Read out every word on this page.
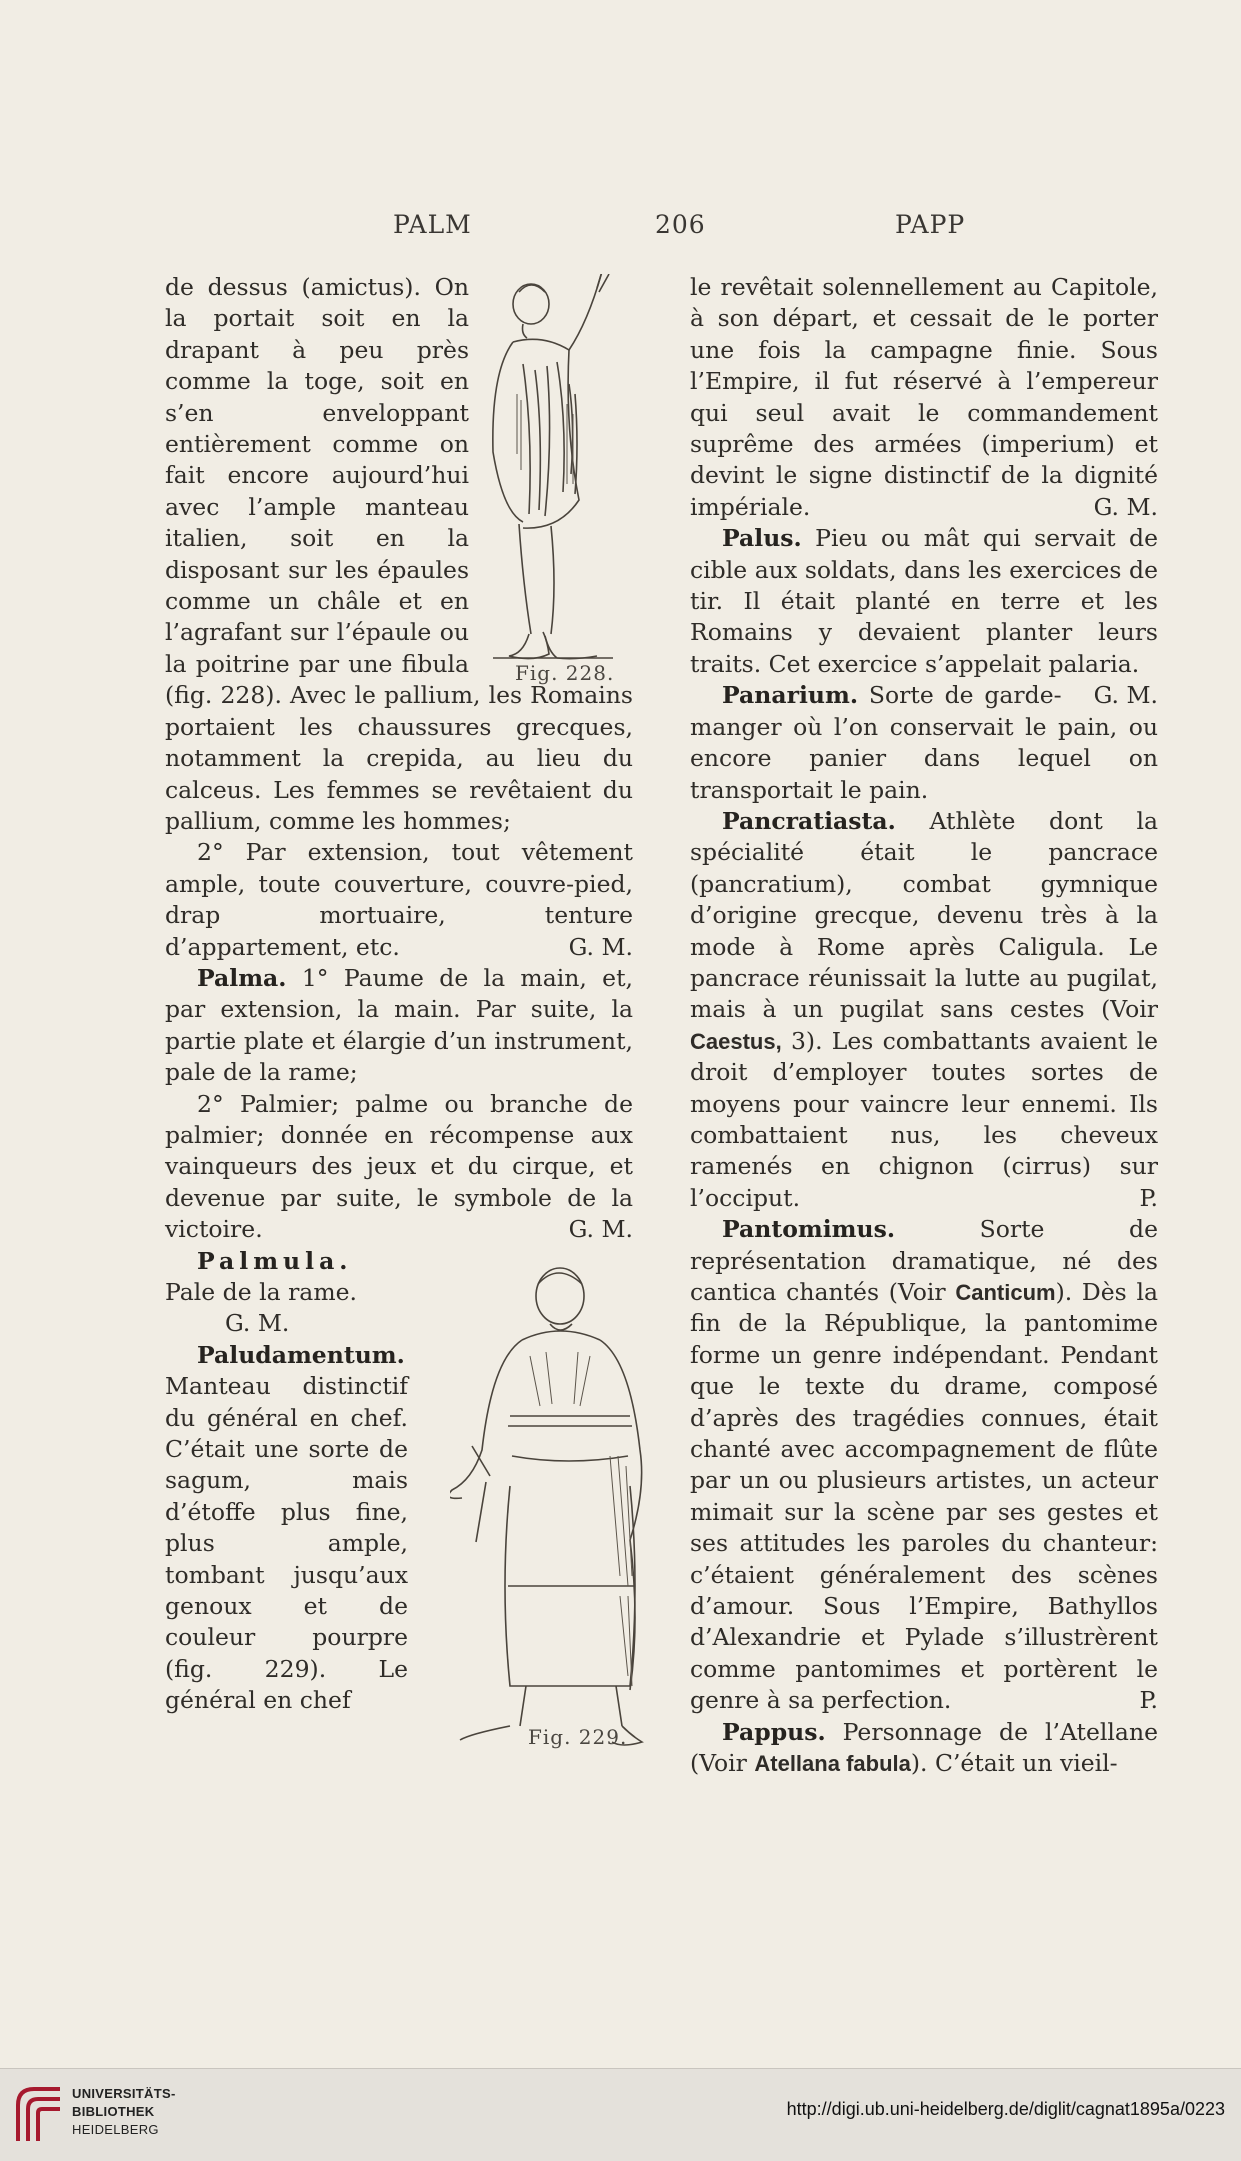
PALM	206	PAPP

Fig. 228.
de dessus (amictus). On la portait soit en la drapant à peu près comme la toge, soit en s’en enveloppant entièrement comme on fait encore aujourd’hui avec l’ample manteau italien, soit en la disposant sur les épaules comme un châle et en l’agrafant sur l’épaule ou la poitrine par une fibula (fig. 228). Avec le pallium, les Romains portaient les chaussures grecques, notamment la crepida, au lieu du calceus. Les femmes se revêtaient du pallium, comme les hommes;

2° Par extension, tout vêtement ample, toute couverture, couvre-pied, drap mortuaire, tenture d’appartement, etc.	G. M.

Palma. 1° Paume de la main, et, par extension, la main. Par suite, la partie plate et élargie d’un instrument, pale de la rame;

2° Palmier; palme ou branche de palmier; donnée en récompense aux vainqueurs des jeux et du cirque, et devenue par suite, le symbole de la victoire.	G. M.

Fig. 229.
Palmula.
Pale de la rame.
G. M.

Paludamentum. Manteau distinctif du général en chef. C’était une sorte de sagum, mais d’étoffe plus fine, plus ample, tombant jusqu’aux genoux et de couleur pourpre (fig. 229). Le général en chef

le revêtait solennellement au Capitole, à son départ, et cessait de le porter une fois la campagne finie. Sous l’Empire, il fut réservé à l’empereur qui seul avait le commandement suprême des armées (imperium) et devint le signe distinctif de la dignité impériale.	G. M.

Palus. Pieu ou mât qui servait de cible aux soldats, dans les exercices de tir. Il était planté en terre et les Romains y devaient planter leurs traits. Cet exercice s’appelait palaria.
G. M.

Panarium. Sorte de garde-manger où l’on conservait le pain, ou encore panier dans lequel on transportait le pain.

Pancratiasta. Athlète dont la spécialité était le pancrace (pancratium), combat gymnique d’origine grecque, devenu très à la mode à Rome après Caligula. Le pancrace réunissait la lutte au pugilat, mais à un pugilat sans cestes (Voir Caestus, 3). Les combattants avaient le droit d’employer toutes sortes de moyens pour vaincre leur ennemi. Ils combattaient nus, les cheveux ramenés en chignon (cirrus) sur l’occiput.	P.

Pantomimus.	Sorte de représentation dramatique, né des cantica chantés (Voir Canticum). Dès la fin de la République, la pantomime forme un genre indépendant. Pendant que le texte du drame, composé d’après des tragédies connues, était chanté avec accompagnement de flûte par un ou plusieurs artistes, un acteur mimait sur la scène par ses gestes et ses attitudes les paroles du chanteur: c’étaient généralement des scènes d’amour. Sous l’Empire, Bathyllos d’Alexandrie et Pylade s’illustrèrent comme pantomimes et portèrent le genre à sa perfection.	P.

Pappus. Personnage de l’Atellane (Voir Atellana fabula). C’était un vieil-

UNIVERSITÄTS-
BIBLIOTHEK
HEIDELBERG
http://digi.ub.uni-heidelberg.de/diglit/cagnat1895a/0223
